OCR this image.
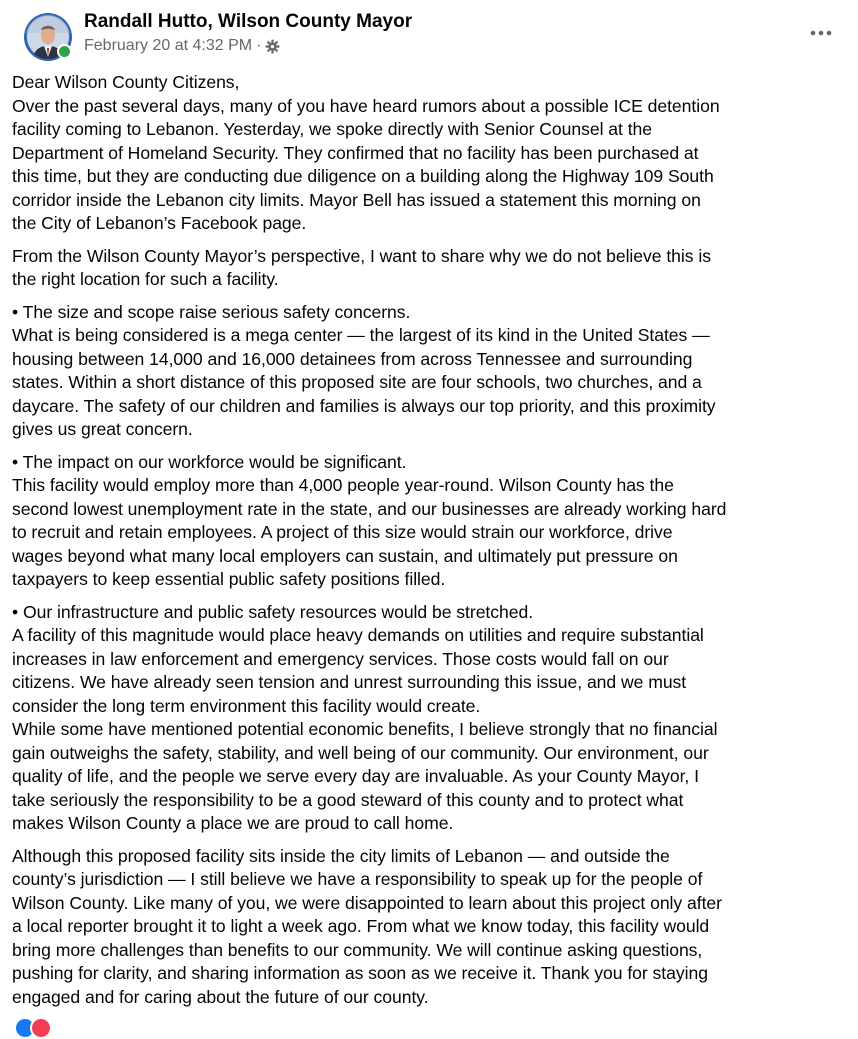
Randall Hutto, Wilson County Mayor
February 20 at 4:32 PM ·
Dear Wilson County Citizens,
Over the past several days, many of you have heard rumors about a possible ICE detention
facility coming to Lebanon. Yesterday, we spoke directly with Senior Counsel at the
Department of Homeland Security. They confirmed that no facility has been purchased at
this time, but they are conducting due diligence on a building along the Highway 109 South
corridor inside the Lebanon city limits. Mayor Bell has issued a statement this morning on
the City of Lebanon’s Facebook page.
From the Wilson County Mayor’s perspective, I want to share why we do not believe this is
the right location for such a facility.
• The size and scope raise serious safety concerns.
What is being considered is a mega center — the largest of its kind in the United States —
housing between 14,000 and 16,000 detainees from across Tennessee and surrounding
states. Within a short distance of this proposed site are four schools, two churches, and a
daycare. The safety of our children and families is always our top priority, and this proximity
gives us great concern.
• The impact on our workforce would be significant.
This facility would employ more than 4,000 people year-round. Wilson County has the
second lowest unemployment rate in the state, and our businesses are already working hard
to recruit and retain employees. A project of this size would strain our workforce, drive
wages beyond what many local employers can sustain, and ultimately put pressure on
taxpayers to keep essential public safety positions filled.
• Our infrastructure and public safety resources would be stretched.
A facility of this magnitude would place heavy demands on utilities and require substantial
increases in law enforcement and emergency services. Those costs would fall on our
citizens. We have already seen tension and unrest surrounding this issue, and we must
consider the long term environment this facility would create.
While some have mentioned potential economic benefits, I believe strongly that no financial
gain outweighs the safety, stability, and well being of our community. Our environment, our
quality of life, and the people we serve every day are invaluable. As your County Mayor, I
take seriously the responsibility to be a good steward of this county and to protect what
makes Wilson County a place we are proud to call home.
Although this proposed facility sits inside the city limits of Lebanon — and outside the
county’s jurisdiction — I still believe we have a responsibility to speak up for the people of
Wilson County. Like many of you, we were disappointed to learn about this project only after
a local reporter brought it to light a week ago. From what we know today, this facility would
bring more challenges than benefits to our community. We will continue asking questions,
pushing for clarity, and sharing information as soon as we receive it. Thank you for staying
engaged and for caring about the future of our county.
